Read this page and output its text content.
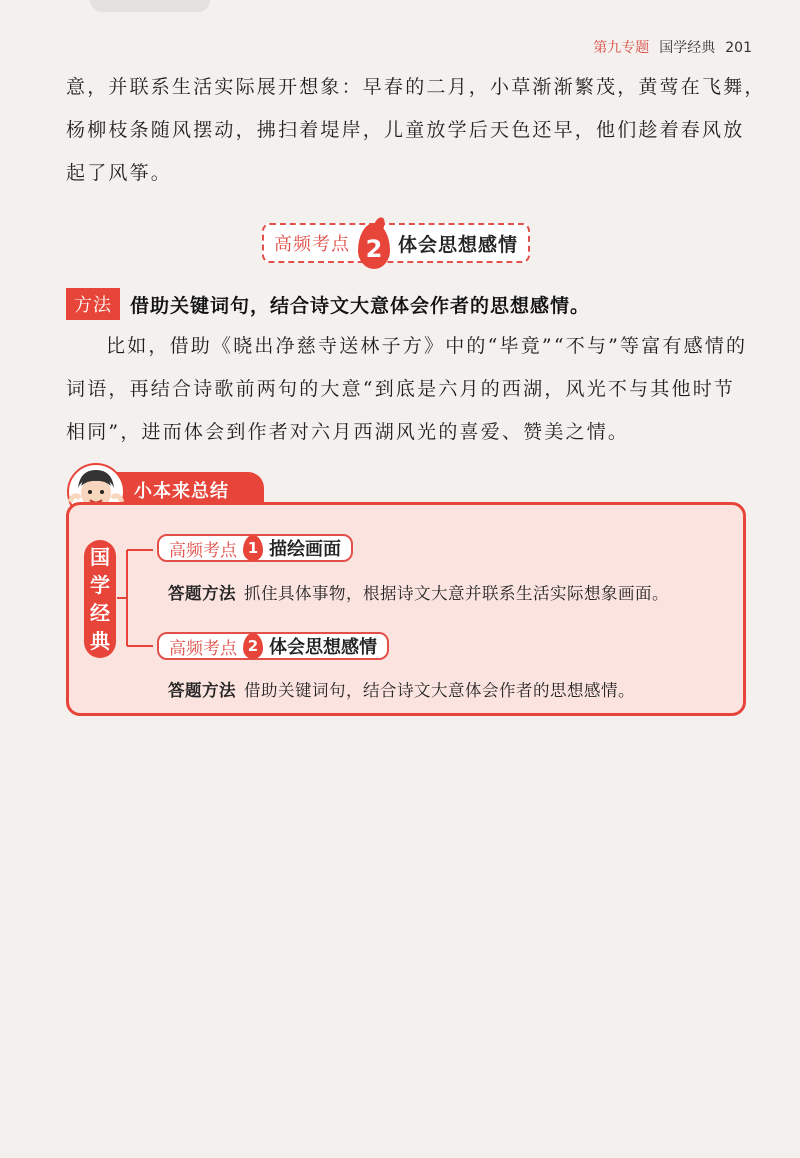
第九专题 国学经典 201

意，并联系生活实际展开想象：早春的二月，小草渐渐繁茂，黄莺在飞舞，
杨柳枝条随风摆动，拂扫着堤岸，儿童放学后天色还早，他们趁着春风放
起了风筝。

高频考点 2 体会思想感情
方法 借助关键词句，结合诗文大意体会作者的思想感情。

比如，借助《晓出净慈寺送林子方》中的“毕竟”“不与”等富有感情的
词语，再结合诗歌前两句的大意“到底是六月的西湖，风光不与其他时节
相同”，进而体会到作者对六月西湖风光的喜爱、赞美之情。

小本来总结
国
学
经
典
高频考点 1 描绘画面
答题方法 抓住具体事物，根据诗文大意并联系生活实际想象画面。
高频考点 2 体会思想感情
答题方法 借助关键词句，结合诗文大意体会作者的思想感情。
